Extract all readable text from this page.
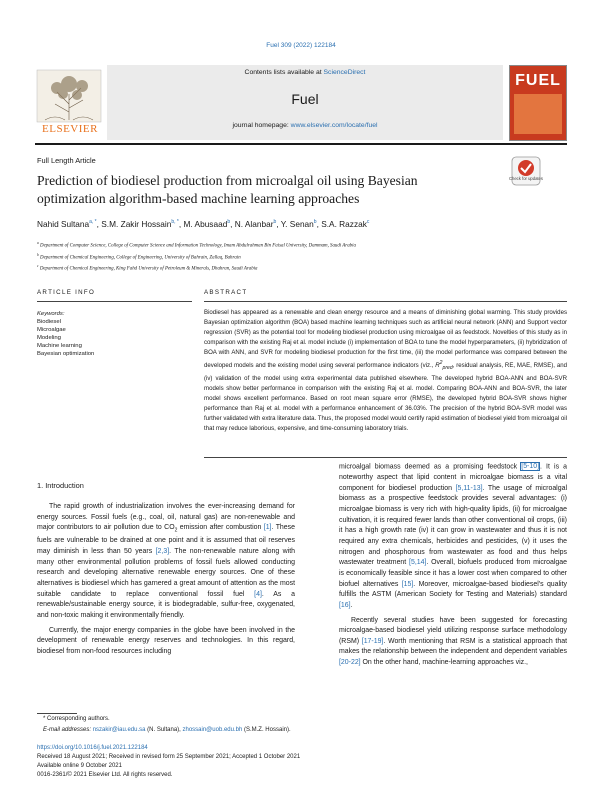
Fuel 309 (2022) 122184
ELSEVIER
Contents lists available at ScienceDirect
Fuel
journal homepage: www.elsevier.com/locate/fuel
FUEL
Full Length Article
Prediction of biodiesel production from microalgal oil using Bayesian optimization algorithm-based machine learning approaches
Check for updates
Nahid Sultana$^{a, *}$, S.M. Zakir Hossain$^{b, *}$, M. Abusaad$^b$, N. Alanbar$^b$, Y. Senan$^b$, S.A. Razzak$^c$
$^a$ Department of Computer Science, College of Computer Science and Information Technology, Imam Abdulrahman Bin Faisal University, Dammam, Saudi Arabia
$^b$ Department of Chemical Engineering, College of Engineering, University of Bahrain, Zallaq, Bahrain
$^c$ Department of Chemical Engineering, King Fahd University of Petroleum & Minerals, Dhahran, Saudi Arabia
ARTICLE INFO	ABSTRACT
Keywords:
Biodiesel
Microalgae
Modeling
Machine learning
Bayesian optimization
Biodiesel has appeared as a renewable and clean energy resource and a means of diminishing global warming. This study provides Bayesian optimization algorithm (BOA) based machine learning techniques such as artificial neural network (ANN) and Support vector regression (SVR) as the potential tool for modeling biodiesel production using microalgae oil as feedstock. Novelties of this study as in comparison with the existing Raj et al. model include (i) implementation of BOA to tune the model hyperparameters, (ii) hybridization of BOA with ANN, and SVR for modeling biodiesel production for the first time, (iii) the model performance was compared between the developed models and the existing model using several performance indicators (viz., $R^2_{pred}$, residual analysis, RE, MAE, RMSE), and (iv) validation of the model using extra experimental data published elsewhere. The developed hybrid BOA-ANN and BOA-SVR models show better performance in comparison with the existing Raj et al. model. Comparing BOA-ANN and BOA-SVR, the later model shows excellent performance. Based on root mean square error (RMSE), the developed hybrid BOA-SVR shows higher performance than Raj et al. model with a performance enhancement of 36.03%. The precision of the hybrid BOA-SVR model was further validated with extra literature data. Thus, the proposed model would certify rapid estimation of biodiesel yield from microalgal oil that may reduce laborious, expensive, and time-consuming laboratory trials.
1. Introduction

The rapid growth of industrialization involves the ever-increasing demand for energy sources. Fossil fuels (e.g., coal, oil, natural gas) are non-renewable and major contributors to air pollution due to $CO_2$ emission after combustion [1]. These fuels are vulnerable to be drained at one point and it is assumed that oil reserves may diminish in less than 50 years [2,3]. The non-renewable nature along with many other environmental pollution problems of fossil fuels allowed conducting research and developing alternative renewable energy sources. One of these alternatives is biodiesel which has garnered a great amount of attention as the most suitable candidate to replace conventional fossil fuel [4]. As a renewable/sustainable energy source, it is biodegradable, sulfur-free, oxygenated, and non-toxic making it environmentally friendly.

Currently, the major energy companies in the globe have been involved in the development of renewable energy reserves and technologies. In this regard, biodiesel from non-food resources including

microalgal biomass deemed as a promising feedstock [5-10]. It is a noteworthy aspect that lipid content in microalgae biomass is a vital component for biodiesel production [5,11-13]. The usage of microalgal biomass as a prospective feedstock provides several advantages: (i) microalgae biomass is very rich with high-quality lipids, (ii) for microalgae cultivation, it is required fewer lands than other conventional oil crops, (iii) it has a high growth rate (iv) it can grow in wastewater and thus it is not required any extra chemicals, herbicides and pesticides, (v) it uses the nitrogen and phosphorous from wastewater as food and thus helps wastewater treatment [5,14]. Overall, biofuels produced from microalgae is economically feasible since it has a lower cost when compared to other biofuel alternatives [15]. Moreover, microalgae-based biodiesel's quality fulfills the ASTM (American Society for Testing and Materials) standard [16].

Recently several studies have been suggested for forecasting microalgae-based biodiesel yield utilizing response surface methodology (RSM) [17-19]. Worth mentioning that RSM is a statistical approach that makes the relationship between the independent and dependent variables [20-22] On the other hand, machine-learning approaches viz.,

* Corresponding authors.
E-mail addresses: nszakir@iau.edu.sa (N. Sultana), zhossain@uob.edu.bh (S.M.Z. Hossain).
https://doi.org/10.1016/j.fuel.2021.122184
Received 18 August 2021; Received in revised form 25 September 2021; Accepted 1 October 2021
Available online 9 October 2021
0016-2361/© 2021 Elsevier Ltd. All rights reserved.
